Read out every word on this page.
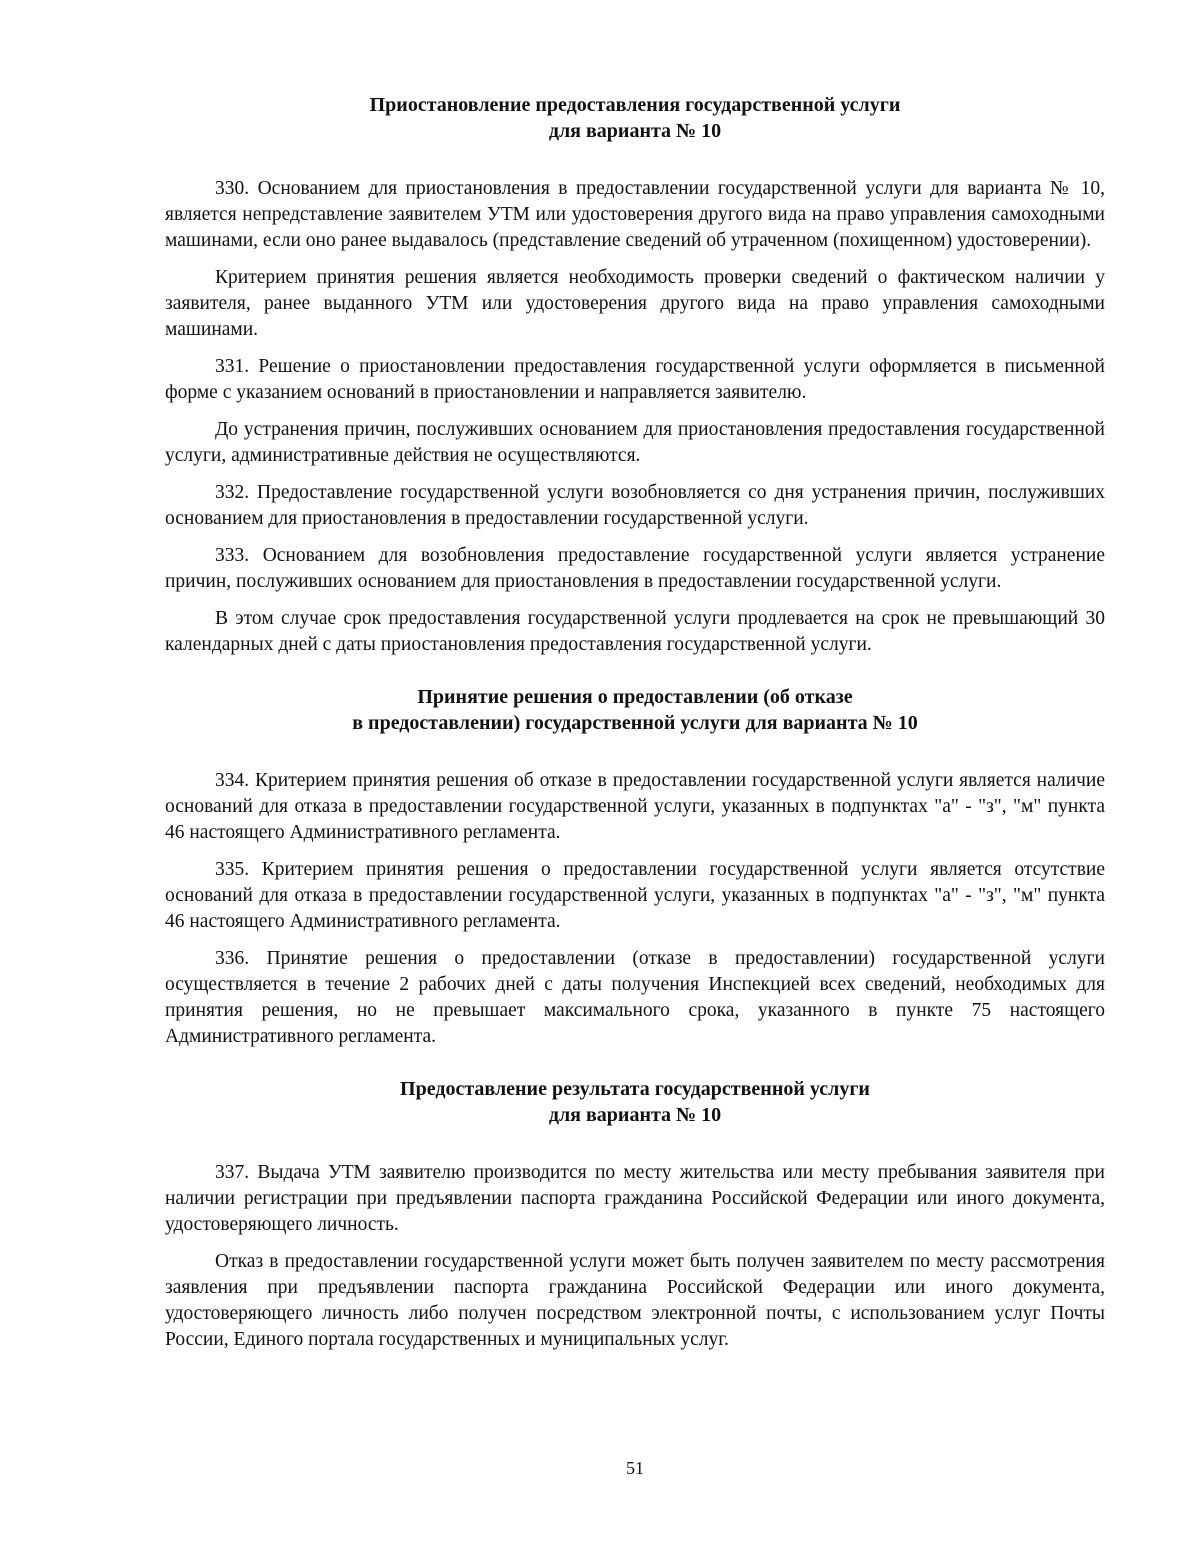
Приостановление предоставления государственной услуги
для варианта № 10

330. Основанием для приостановления в предоставлении государственной услуги для варианта № 10, является непредставление заявителем УТМ или удостоверения другого вида на право управления самоходными машинами, если оно ранее выдавалось (представление сведений об утраченном (похищенном) удостоверении).

Критерием принятия решения является необходимость проверки сведений о фактическом наличии у заявителя, ранее выданного УТМ или удостоверения другого вида на право управления самоходными машинами.

331. Решение о приостановлении предоставления государственной услуги оформляется в письменной форме с указанием оснований в приостановлении и направляется заявителю.

До устранения причин, послуживших основанием для приостановления предоставления государственной услуги, административные действия не осуществляются.

332. Предоставление государственной услуги возобновляется со дня устранения причин, послуживших основанием для приостановления в предоставлении государственной услуги.

333. Основанием для возобновления предоставление государственной услуги является устранение причин, послуживших основанием для приостановления в предоставлении государственной услуги.

В этом случае срок предоставления государственной услуги продлевается на срок не превышающий 30 календарных дней с даты приостановления предоставления государственной услуги.

Принятие решения о предоставлении (об отказе
в предоставлении) государственной услуги для варианта № 10

334. Критерием принятия решения об отказе в предоставлении государственной услуги является наличие оснований для отказа в предоставлении государственной услуги, указанных в подпунктах "а" - "з", "м" пункта 46 настоящего Административного регламента.

335. Критерием принятия решения о предоставлении государственной услуги является отсутствие оснований для отказа в предоставлении государственной услуги, указанных в подпунктах "а" - "з", "м" пункта 46 настоящего Административного регламента.

336. Принятие решения о предоставлении (отказе в предоставлении) государственной услуги осуществляется в течение 2 рабочих дней с даты получения Инспекцией всех сведений, необходимых для принятия решения, но не превышает максимального срока, указанного в пункте 75 настоящего Административного регламента.

Предоставление результата государственной услуги
для варианта № 10

337. Выдача УТМ заявителю производится по месту жительства или месту пребывания заявителя при наличии регистрации при предъявлении паспорта гражданина Российской Федерации или иного документа, удостоверяющего личность.

Отказ в предоставлении государственной услуги может быть получен заявителем по месту рассмотрения заявления при предъявлении паспорта гражданина Российской Федерации или иного документа, удостоверяющего личность либо получен посредством электронной почты, с использованием услуг Почты России, Единого портала государственных и муниципальных услуг.

51
